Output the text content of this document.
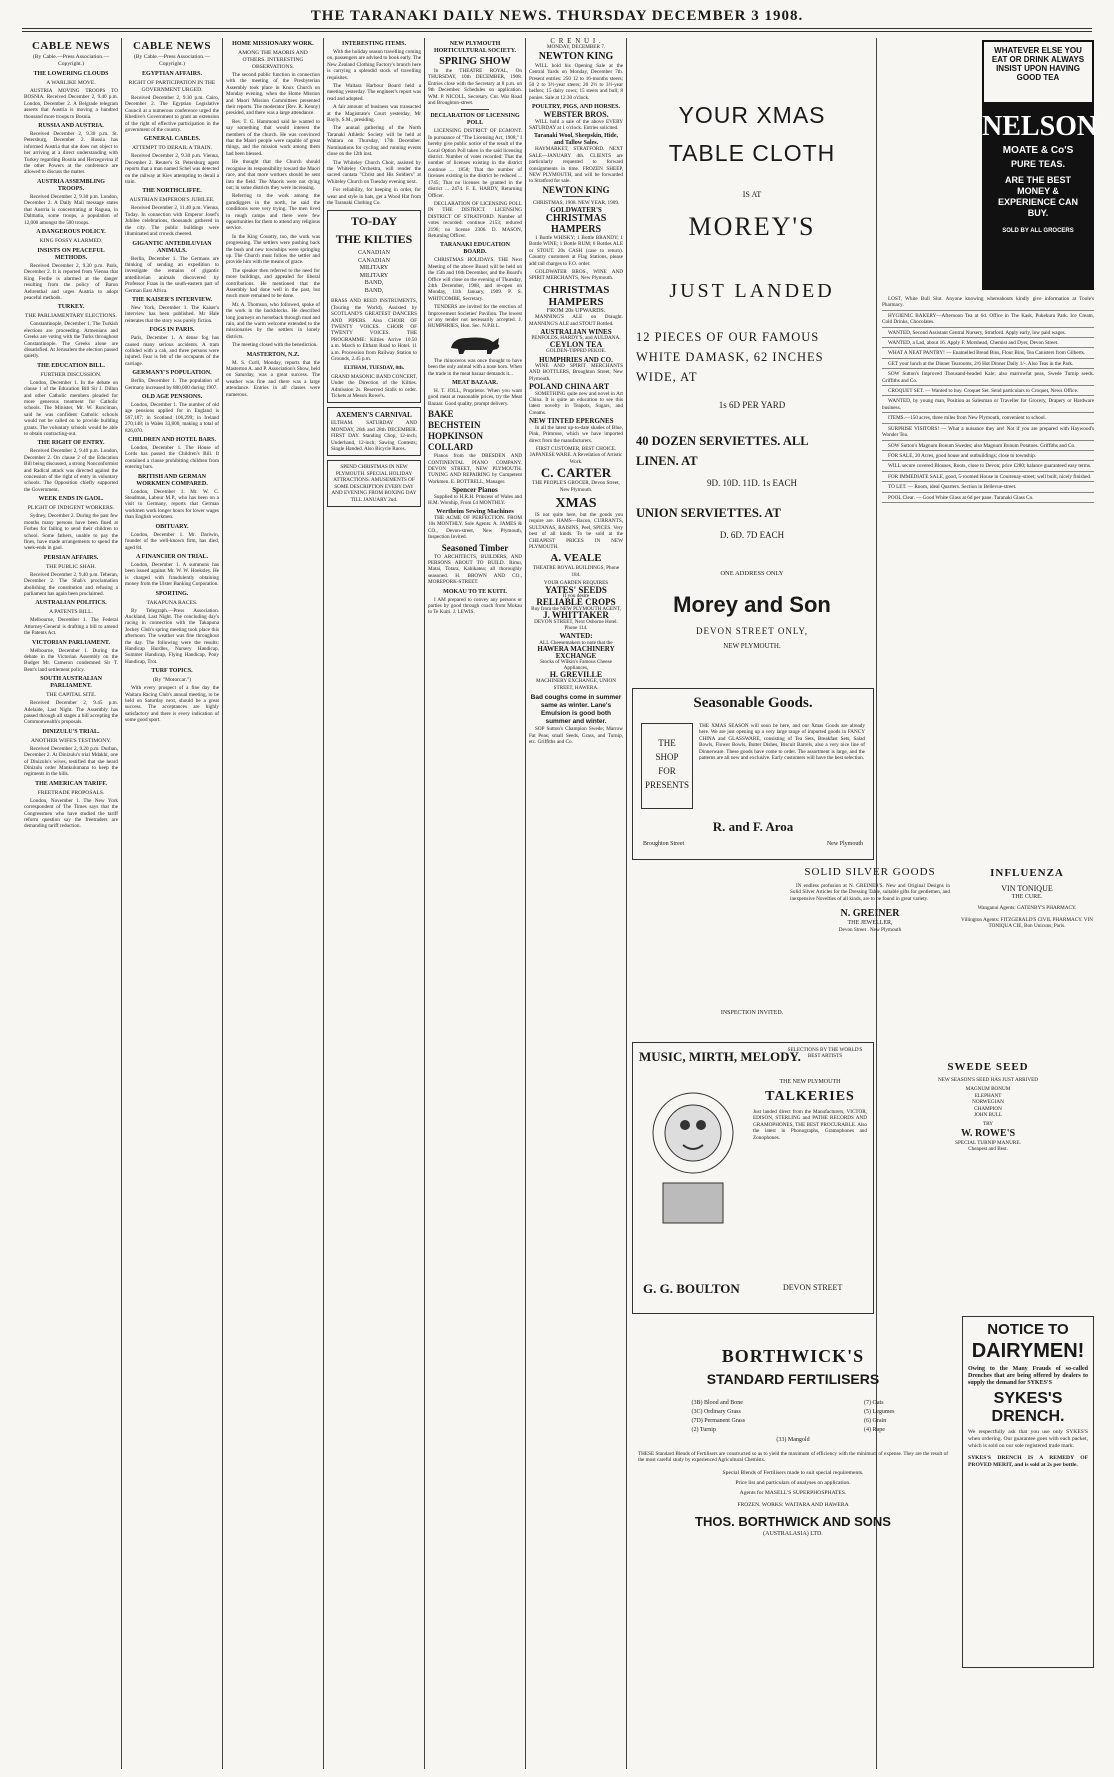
THE TARANAKI DAILY NEWS. THURSDAY DECEMBER 3 1908.
CABLE NEWS
(By Cable.—Press Association.—Copyright.)
THE LOWERING CLOUDS
A WARLIKE MOVE.

AUSTRIA MOVING TROOPS TO BOSNIA. Received December 2, 9.40 p.m. London, December 2. A Belgrade telegram asserts that Austria is moving a hundred thousand more troops to Bosnia.

RUSSIA AND AUSTRIA.

Received December 2, 9.30 p.m. St. Petersburg, December 2. Russia has informed Austria that she does not object to her arriving at a direct understanding with Turkey regarding Bosnia and Herzegovina if the other Powers at the conference are allowed to discuss the matter.

AUSTRIA ASSEMBLING TROOPS.

Received December 2, 9.30 p.m. London, December 2. A Daily Mail message states that Austria is concentrating at Ragusa, in Dalmatia, some troops, a population of 12,000 amongst the 500 troops.

A DANGEROUS POLICY.
KING FOSSY ALARMED.
INSISTS ON PEACEFUL METHODS.

Received December 2, 9.30 p.m. Paris, December 2. It is reported from Vienna that King Ferdie is alarmed at the danger resulting from the policy of Baron Aehrenthal and urges Austria to adopt peaceful methods.

TURKEY.
THE PARLIAMENTARY ELECTIONS.

Constantinople, December 1. The Turkish elections are proceeding. Armenians and Greeks are voting with the Turks throughout Constantinople. The Greeks alone are dissatisfied. At Jerusalem the election passed quietly.

THE EDUCATION BILL.
FURTHER DISCUSSION.

London, December 1. In the debate on clause 1 of the Education Bill Sir J. Dillon and other Catholic members pleaded for more generous treatment for Catholic schools. The Minister, Mr. W. Runciman, said he was confident Catholic schools would not be called on to provide building grants. The voluntary schools would be able to obtain contracting-out.

THE RIGHT OF ENTRY.

Received December 2, 9.40 p.m. London, December 2. On clause 2 of the Education Bill being discussed, a strong Nonconformist and Radical attack was directed against the concession of the right of entry in voluntary schools. The Opposition chiefly supported the Government.

WEEK ENDS IN GAOL.
PLIGHT OF INDIGENT WORKERS.

Sydney, December 2. During the past few months many persons have been fined at Forbes for failing to send their children to school. Some fathers, unable to pay the fines, have made arrangements to spend the week-ends in gaol.

PERSIAN AFFAIRS.
THE PUBLIC SHAH.

Received December 2, 9.40 p.m. Teheran, December 2. The Shah's proclamation abolishing the constitution and refusing a parliament has again been proclaimed.

AUSTRALIAN POLITICS.
A PATENTS BILL.

Melbourne, December 1. The Federal Attorney-General is drafting a bill to amend the Patents Act.

VICTORIAN PARLIAMENT.

Melbourne, December 1. During the debate in the Victorian Assembly on the Budget Mr. Cameron condemned Sir T. Bent's land settlement policy.

SOUTH AUSTRALIAN PARLIAMENT.
THE CAPITAL SITE.

Received December 2, 9.45 p.m. Adelaide, Last Night. The Assembly has passed through all stages a bill accepting the Commonwealth's proposals.

DINIZULU'S TRIAL.
ANOTHER WIFE'S TESTIMONY.

Received December 2, 9.20 p.m. Durban, December 2. At Dinizulu's trial Mdakhi, one of Dinizulu's wives, testified that she heard Dinizulu order Mankulumana to keep the regiments in the hills.

THE AMERICAN TARIFF.
FREETRADE PROPOSALS.

London, November 1. The New York correspondent of The Times says that the Congressmen who have studied the tariff reform question say the freetraders are demanding tariff reduction.

CABLE NEWS
(By Cable.—Press Association.—Copyright.)
EGYPTIAN AFFAIRS.
RIGHT OF PARTICIPATION IN THE GOVERNMENT URGED.

Received December 2, 9.30 p.m. Cairo, December 2. The Egyptian Legislative Council at a numerous conference urged the Khedive's Government to grant an extension of the right of effective participation in the government of the country.

GENERAL CABLES.
ATTEMPT TO DERAIL A TRAIN.

Received December 2, 9.30 p.m. Vienna, December 2. Reuter's St. Petersburg agent reports that a man named Schel was detected on the railway at Kiev attempting to derail a train.

THE NORTHCLIFFE.
AUSTRIAN EMPEROR'S JUBILEE.

Received December 2, 11.40 p.m. Vienna, Today. In connection with Emperor Josef's Jubilee celebrations, thousands gathered in the city. The public buildings were illuminated and crowds cheered.

GIGANTIC ANTEDILUVIAN ANIMALS.

Berlin, December 1. The Germans are thinking of sending an expedition to investigate the remains of gigantic antediluvian animals discovered by Professor Fraas in the south-eastern part of German East Africa.

THE KAISER'S INTERVIEW.

New York, December 1. The Kaiser's interview has been published. Mr Hale reiterates that the story was purely fiction.

FOGS IN PARIS.

Paris, December 1. A dense fog has caused many serious accidents. A tram collided with a cab, and three persons were injured. Fear is felt of the occupants of the carriage.

GERMANY'S POPULATION.

Berlin, December 1. The population of Germany increased by 880,000 during 1907.

OLD AGE PENSIONS.

London, December 1. The number of old age pensions applied for in England is 567,187; in Scotland 106,299; in Ireland 270,148; in Wales 33,800, making a total of 826,070.

CHILDREN AND HOTEL BARS.

London, December 1. The House of Lords has passed the Children's Bill. It contained a clause prohibiting children from entering bars.

BRITISH AND GERMAN WORKMEN COMPARED.

London, December 1. Mr. W. C. Steadman, Labour M.P., who has been on a visit to Germany, reports that German workmen work longer hours for lower wages than English workmen.

OBITUARY.

London, December 1. Mr. Dariwin, founder of the well-known firm, has died, aged 84.

A FINANCIER ON TRIAL.

London, December 1. A summons has been issued against Mr. W. W. Hoeksley. He is charged with fraudulently obtaining money from the Ulster Banking Corporation.

SPORTING.
TAKAPUNA RACES.

By Telegraph.—Press Association. Auckland, Last Night. The concluding day's racing in connection with the Takapuna Jockey Club's spring meeting took place this afternoon. The weather was fine throughout the day. The following were the results: Handicap Hurdles, Nursery Handicap, Summer Handicap, Flying Handicap, Pony Handicap, Trot.

TURF TOPICS.
(By "Motorcar.")

With every prospect of a fine day the Waitara Racing Club's annual meeting, to be held on Saturday next, should be a great success. The acceptances are highly satisfactory and there is every indication of some good sport.

HOME MISSIONARY WORK.
AMONG THE MAORIS AND OTHERS. INTERESTING OBSERVATIONS.

The second public function in connection with the meeting of the Presbyterian Assembly took place in Knox Church on Monday evening, when the Home Mission and Maori Mission Committees presented their reports. The moderator (Rev. R. Kenny) presided, and there was a large attendance.

Rev. T. G. Hammond said he wanted to say something that would interest the members of the church. He was convinced that the Maori people were capable of great things, and the mission work among them had been blessed.

He thought that the Church should recognise its responsibility toward the Maori race, and that more workers should be sent into the field. The Maoris were not dying out; in some districts they were increasing.

Referring to the work among the gumdiggers in the north, he said the conditions were very trying. The men lived in rough camps and there were few opportunities for them to attend any religious service.

In the King Country, too, the work was progressing. The settlers were pushing back the bush and new townships were springing up. The Church must follow the settler and provide him with the means of grace.

The speaker then referred to the need for more buildings, and appealed for liberal contributions. He mentioned that the Assembly had done well in the past, but much more remained to be done.

Mr. A. Thomson, who followed, spoke of the work in the backblocks. He described long journeys on horseback through mud and rain, and the warm welcome extended to the missionaries by the settlers in lonely districts.

The meeting closed with the benediction.

MASTERTON, N.Z.

M. S. Curll, Monday, reports that the Masterton A. and P. Association's Show, held on Saturday, was a great success. The weather was fine and there was a large attendance. Entries in all classes were numerous.

INTERESTING ITEMS.

With the holiday season travelling coming on, passengers are advised to book early. The New Zealand Clothing Factory's branch here is carrying a splendid stock of travelling requisites.

The Waitara Harbour Board held a meeting yesterday. The engineer's report was read and adopted.

A fair amount of business was transacted at the Magistrate's Court yesterday, Mr Bayly, S.M., presiding.

The annual gathering of the North Taranaki Athletic Society will be held at Waitara on Thursday, 17th December. Nominations for cycling and running events close on the 12th inst.

The Whiteley Church Choir, assisted by the Whiteley Orchestra, will render the sacred cantata "Christ and His Soldiers" at Whiteley Church on Tuesday evening next.

For reliability, for keeping in order, for wear and style in hats, get a Wood Hat from the Taranaki Clothing Co.

TO-DAY
THE KILTIES
CANADIAN
CANADIAN
MILITARY
MILITARY
BAND,
BAND,
BRASS AND REED INSTRUMENTS, (Touring the World), Assisted by SCOTLAND'S GREATEST DANCERS AND PIPERS. Also CHOIR OF TWENTY VOICES. CHOIR OF TWENTY VOICES. THE PROGRAMME: Kilties Arrive 10.50 a.m. March to Eltham Road to Hotel. 11 a.m. Procession from Railway Station to Grounds, 2.45 p.m.
ELTHAM, TUESDAY, 8th.
GRAND MASONIC BAND CONCERT, Under the Direction of the Kilties. Admission 2s. Reserved Stalls to order. Tickets at Messrs Rowe's.
AXEMEN'S CARNIVAL
ELTHAM. SATURDAY AND MONDAY, 26th and 28th DECEMBER. FIRST DAY. Standing Chop, 12-inch; Underhand, 12-inch; Sawing Contests; Single Handed. Also Bicycle Races.
SPEND CHRISTMAS IN NEW PLYMOUTH. SPECIAL HOLIDAY ATTRACTIONS. AMUSEMENTS OF SOME DESCRIPTION EVERY DAY AND EVENING FROM BOXING DAY TILL JANUARY 2nd.
NEW PLYMOUTH HORTICULTURAL SOCIETY.
SPRING SHOW

In the THEATRE ROYAL, On THURSDAY, 10th DECEMBER, 1908. Entries close with the Secretary at 8 p.m. on 9th December. Schedules on application. WM. P. NICOLL, Secretary. Cnr. War Road and Broughton-street.

DECLARATION OF LICENSING POLL

LICENSING DISTRICT OF EGMONT. In pursuance of "The Licensing Act, 1908," I hereby give public notice of the result of the Local Option Poll taken in the said licensing district. Number of votes recorded: That the number of licenses existing in the district continue ... 1858; That the number of licenses existing in the district be reduced ... 1745; That no licenses be granted in the district ... 2474. F. E. HARDY, Returning Officer.

DECLARATION OF LICENSING POLL IN THE DISTRICT. LICENSING DISTRICT OF STRATFORD. Number of votes recorded: continue 2153; reduced 2196; no license 2306. D. MASON, Returning Officer.

TARANAKI EDUCATION BOARD.

CHRISTMAS HOLIDAYS. THE Next Meeting of the above Board will be held on the 15th and 16th December, and the Board's Office will close on the evening of Thursday, 24th December, 1908, and re-open on Monday, 11th January, 1909. P. S. WHITCOMBE, Secretary.

TENDERS are invited for the erection of Improvement Societies' Pavilion. The lowest or any tender not necessarily accepted. J. HUMPHRIES, Hon. Sec. N.P.B.L.

The rhinoceros was once thought to have been the only animal with a nose horn. When the trade in the meat bazaar demands it...

MEAT BAZAAR.

H. T. JOLL, Proprietor. When you want good meat at reasonable prices, try the Meat Bazaar. Good quality, prompt delivery.

BAKE
BECHSTEIN
HOPKINSON
COLLARD

Pianos from the DRESDEN AND CONTINENTAL PIANO COMPANY. DEVON STREET, NEW PLYMOUTH. TUNING AND REPAIRING by Competent Workmen. E. BOTTRELL, Manager.

Spencer Pianos

Supplied to H.R.H. Princess of Wales and H.M. Worship, From £4 MONTHLY.

Wertheim Sewing Machines

THE ACME OF PERFECTION. FROM 10s MONTHLY. Sole Agents: A. JAMES & CO., Devon-street, New Plymouth, Inspection Invited.

Seasoned Timber

TO ARCHITECTS, BUILDERS, AND PERSONS ABOUT TO BUILD. Rimu, Matai, Totara, Kahikatea; all thoroughly seasoned. H. BROWN AND CO., MOREPORK-STREET.

MOKAU TO TE KUITI.

I AM prepared to convey any persons or parties by good through coach from Mokau to Te Kuiti. J. LEWIS.

C R E N U I .
MONDAY, DECEMBER 7.
NEWTON KING

WILL hold his Opening Sale at the Central Yards on Monday, December 7th. Present entries: 250 12 to 16-months steers; 50 2 to 3½-year steers; 20 2½ to 3½-year heifers; 15 dairy cows; 15 steers and bull; 8 ponies. Sale at 12.30 o'clock.

POULTRY, PIGS, AND HORSES.
WEBSTER BROS.

WILL hold a sale of the above EVERY SATURDAY at 1 o'clock. Entries solicited.

Taranaki Wool, Sheepskin, Hide, and Tallow Sales.

HAYMARKET, STRATFORD. NEXT SALE—JANUARY 4th. CLIENTS are particularly requested to forward consignments in time. FROZEN SHEEP, NEW PLYMOUTH, and will be forwarded to Stratford for sale.

NEWTON KING
CHRISTMAS, 1908. NEW YEAR, 1909.
GOLDWATER'S
CHRISTMAS HAMPERS

1 Bottle WHISKY; 1 Bottle BRANDY; 1 Bottle WINE; 1 Bottle RUM; 6 Bottles ALE or STOUT. 20s CASH (case to return). Country customers at Flag Stations, please add rail charges to F.O. order.

GOLDWATER BROS., WINE AND SPIRIT MERCHANTS, New Plymouth.

CHRISTMAS HAMPERS
FROM 20s UPWARDS.

MANNING'S ALE on Draught. MANNING'S ALE and STOUT Bottled.

AUSTRALIAN WINES
PENFOLDS, HARDY'S, and AULDANA.
CEYLON TEA
GOLDEN-TIPPED PEKOE.
HUMPHRIES AND CO.

WINE AND SPIRIT MERCHANTS AND BOTTLERS, Broughton Street, New Plymouth.

POLAND CHINA ART

SOMETHING quite new and novel in Art China. It is quite an education to see this latest novelty in Teapots, Sugars, and Creams.

NEW TINTED EPERGNES

In all the latest up-to-date shades of Blue, Pink, Primrose, which we have imported direct from the manufacturers.

FIRST CUSTOMER, BEST CHOICE.
JAPANESE WARE. A Revelation of Artistic Work.
C. CARTER
THE PEOPLE'S GROCER, Devon Street, New Plymouth.
XMAS

IS not quite here, but the goods you require are. HAMS—Bacon, CURRANTS, SULTANAS, RAISINS, Peel, SPICES. Very best of all kinds. To be sold at the CHEAPEST PRICES IN NEW PLYMOUTH.

A. VEALE
THEATRE ROYAL BUILDINGS, Phone 184.
YOUR GARDEN REQUIRES
YATES' SEEDS
If you desire
RELIABLE CROPS
Buy from the NEW PLYMOUTH AGENT,
J. WHITTAKER
DEVON STREET, Next Osborne Hotel. Phone 114.
WANTED:
ALL Cheesemakers to note that the
HAWERA MACHINERY EXCHANGE
Stocks of Wilkin's Famous Cheese Appliances,
H. GREVILLE
MACHINERY EXCHANGE, UNION STREET, HAWERA.
Bad coughs come in summer same as winter. Lane's Emulsion is good both summer and winter.

SOP Sutton's Champion Swede; Marrow Fat Peas; small Seeds, Grass, and Turnip, etc. Griffiths and Co.

YOUR XMAS
TABLE CLOTH
IS AT
MOREY'S
JUST LANDED
12 PIECES OF OUR FAMOUS
WHITE DAMASK, 62 INCHES
WIDE, AT
1s 6D PER YARD
40 DOZEN SERVIETTES. ALL
LINEN. AT
9D. 10D. 11D. 1s EACH
UNION SERVIETTES. AT
D. 6D. 7D EACH
ONE ADDRESS ONLY
Morey and Son
DEVON STREET ONLY,
NEW PLYMOUTH.
WHATEVER ELSE YOU EAT OR DRINK ALWAYS INSIST UPON HAVING GOOD TEA
NELSON
MOATE & Co'S
PURE TEAS.
ARE THE BEST MONEY & EXPERIENCE CAN BUY.
SOLD BY ALL GROCERS

LOST, White Bull Slut. Anyone knowing whereabouts kindly give information at Toole's Pharmacy.

HYGIENIC BAKERY—Afternoon Tea at 6d. Office in The Kask, Pukekura Park. Ice Cream, Cold Drinks, Chocolates.

WANTED, Second Assistant Central Nursery, Stratford. Apply early, low paid wages.

WANTED, a Lad, about 16. Apply F. Morshead, Chemist and Dyer, Devon Street.

WHAT A NEAT PANTRY! — Enamelled Bread Bins, Flour Bins, Tea Canisters from Gilberts.

GET your lunch at the Dinner Tearooms, 2/6 Hot Dinner Daily 1/-. Also Teas in the Park.

SOW Sutton's Improved Thousand-headed Kale; also marrowfat peas, Swede Turnip seeds. Griffiths and Co.

CROQUET SET. — Wanted to buy. Croquet Set. Send particulars to Croquet, News Office.

WANTED, by young man, Position as Salesman or Traveller for Grocery, Drapery or Hardware business.

ITEMS.—150 acres, three miles from New Plymouth, convenient to school.

SURPRISE VISITORS! — What a nuisance they are! Not if you are prepared with Haywood's Wonder Tea.

SOW Sutton's Magnum Bonum Swedes; also Magnum Bonum Potatoes. Griffiths and Co.

FOR SALE, 20 Acres, good house and outbuildings; close to township.

WILL secure covered Blouses, Roots, close to Devon; price £280; balance guaranteed easy terms.

FOR IMMEDIATE SALE, good, 5-roomed House in Courtenay-street; well built, nicely finished.

TO LET. — Room, ideal Quarters. Section in Bellevue-street.

POOL Clear. — Good White Glass at 6d per pane. Taranaki Glass Co.

Seasonable Goods.
THE
SHOP
FOR
PRESENTS
THE XMAS SEASON will soon be here, and our Xmas Goods are already here. We are just opening up a very large range of imported goods in FANCY CHINA and GLASSWARE, consisting of Tea Sets, Breakfast Sets, Salad Bowls, Flower Bowls, Butter Dishes, Biscuit Barrels, also a very nice line of Dinnerware. These goods have come to order. The assortment is large, and the patterns are all new and exclusive. Early customers will have the best selection.
R. and F. Aroa
Broughton Street	New Plymouth
SOLID SILVER GOODS

IN endless profusion at N. GREINER'S. New and Original Designs in Solid Silver Articles for the Dressing Table, suitable gifts for gentlemen, and inexpensive Novelties of all kinds, are to be found in great variety.

N. GREINER
THE JEWELLER,
Devon Street . New Plymouth
INSPECTION INVITED.
INFLUENZA
VIN TONIQUE
THE CURE.
Wanganui Agents: GATENBY'S PHARMACY.
Villington Agents: FITZGERALD'S CIVIL PHARMACY. VIN TONIQUA CIE, Bon Unicuns, Paris.
MUSIC, MIRTH, MELODY.
SELECTIONS BY THE WORLD'S BEST ARTISTS
THE NEW PLYMOUTH
TALKERIES
Just landed direct from the Manufacturers, VICTOR, EDISON, STERLING and PATHE RECORDS AND GRAMOPHONES, THE BEST PROCURABLE. Also the latest in Phonographs, Gramophones and Zonophones.
G. G. BOULTON	DEVON STREET
SWEDE SEED
NEW SEASON'S SEED HAS JUST ARRIVED
MAGNUM BONUM
ELEPHANT
NORWEGIAN
CHAMPION
JOHN BULL
TRY
W. ROWE'S
SPECIAL TURNIP MANURE.
Cheapest and Best.
NOTICE TO
DAIRYMEN!
Owing to the Many Frauds of so-called Drenches that are being offered by dealers to supply the demand for SYKES'S
SYKES'S
DRENCH.
We respectfully ask that you use only SYKES'S when ordering. Our guarantee goes with each packet, which is sold on our sole registered trade mark.
SYKES'S DRENCH IS A REMEDY OF PROVED MERIT, and is sold at 2s per bottle.
BORTHWICK'S
STANDARD FERTILISERS
(3B) Blood and Bone
(3C) Ordinary Grass
(7D) Permanent Grass
(2) Turnip
(7) Oats
(5) Legumes
(6) Grain
(4) Rape
(33) Mangold
THESE Standard Blends of Fertilisers are constructed so as to yield the maximum of efficiency with the minimum of expense. They are the result of the most careful study by experienced Agricultural Chemists.
Special Blends of Fertilisers made to suit special requirements.
Price list and particulars of analyses on application.
Agents for MASELL'S SUPERPHOSPHATES.
FROZEN. WORKS: WAITARA AND HAWERA
THOS. BORTHWICK AND SONS
(AUSTRALASIA) LTD.
